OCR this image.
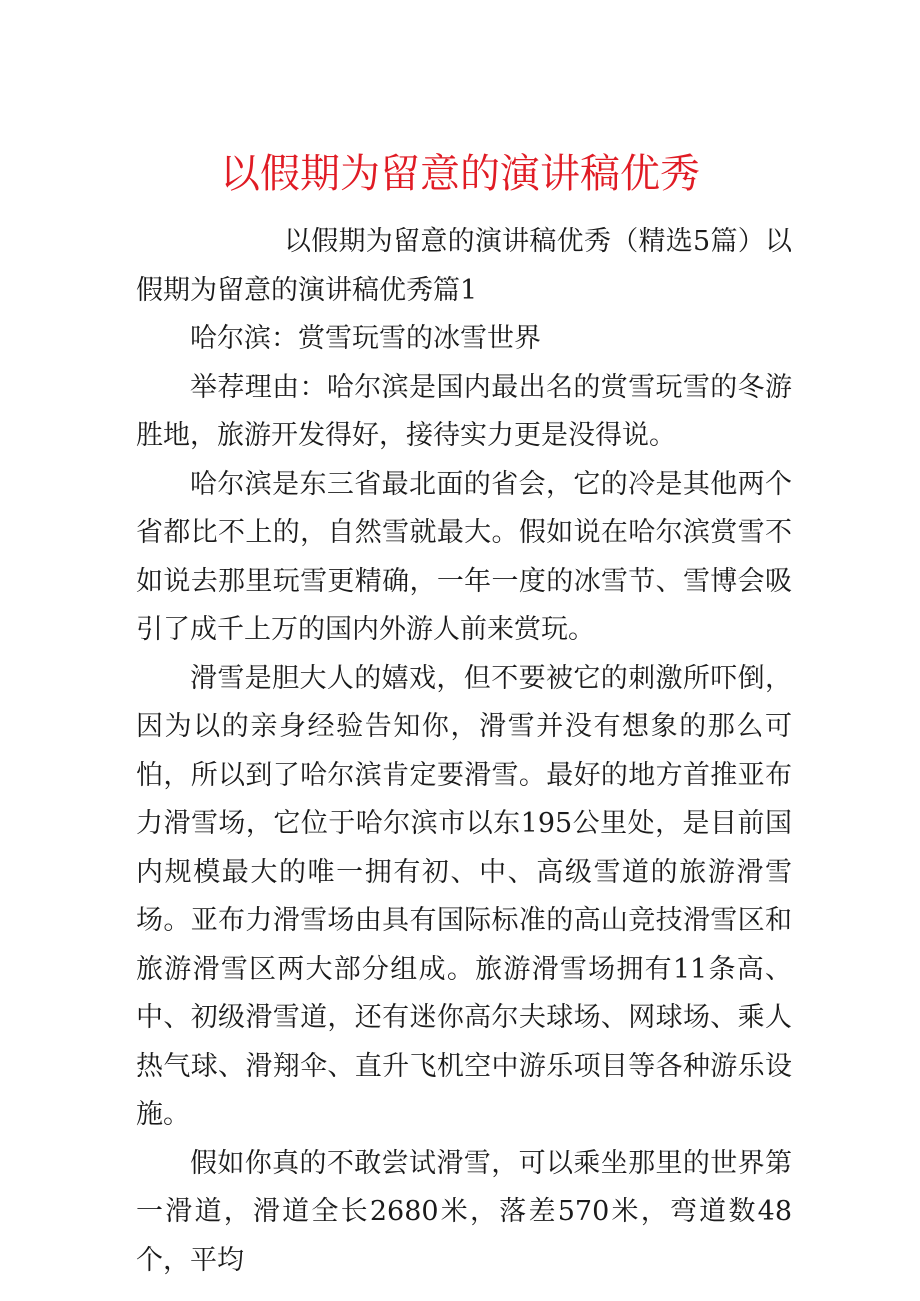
以假期为留意的演讲稿优秀

以假期为留意的演讲稿优秀（精选5篇）以假期为留意的演讲稿优秀篇1

哈尔滨：赏雪玩雪的冰雪世界

举荐理由：哈尔滨是国内最出名的赏雪玩雪的冬游胜地，旅游开发得好，接待实力更是没得说。

哈尔滨是东三省最北面的省会，它的冷是其他两个省都比不上的，自然雪就最大。假如说在哈尔滨赏雪不如说去那里玩雪更精确，一年一度的冰雪节、雪博会吸引了成千上万的国内外游人前来赏玩。

滑雪是胆大人的嬉戏，但不要被它的刺激所吓倒，因为以的亲身经验告知你，滑雪并没有想象的那么可怕，所以到了哈尔滨肯定要滑雪。最好的地方首推亚布力滑雪场，它位于哈尔滨市以东195公里处，是目前国内规模最大的唯一拥有初、中、高级雪道的旅游滑雪场。亚布力滑雪场由具有国际标准的高山竞技滑雪区和旅游滑雪区两大部分组成。旅游滑雪场拥有11条高、中、初级滑雪道，还有迷你高尔夫球场、网球场、乘人热气球、滑翔伞、直升飞机空中游乐项目等各种游乐设施。

假如你真的不敢尝试滑雪，可以乘坐那里的世界第一滑道，滑道全长2680米，落差570米，弯道数48个，平均
